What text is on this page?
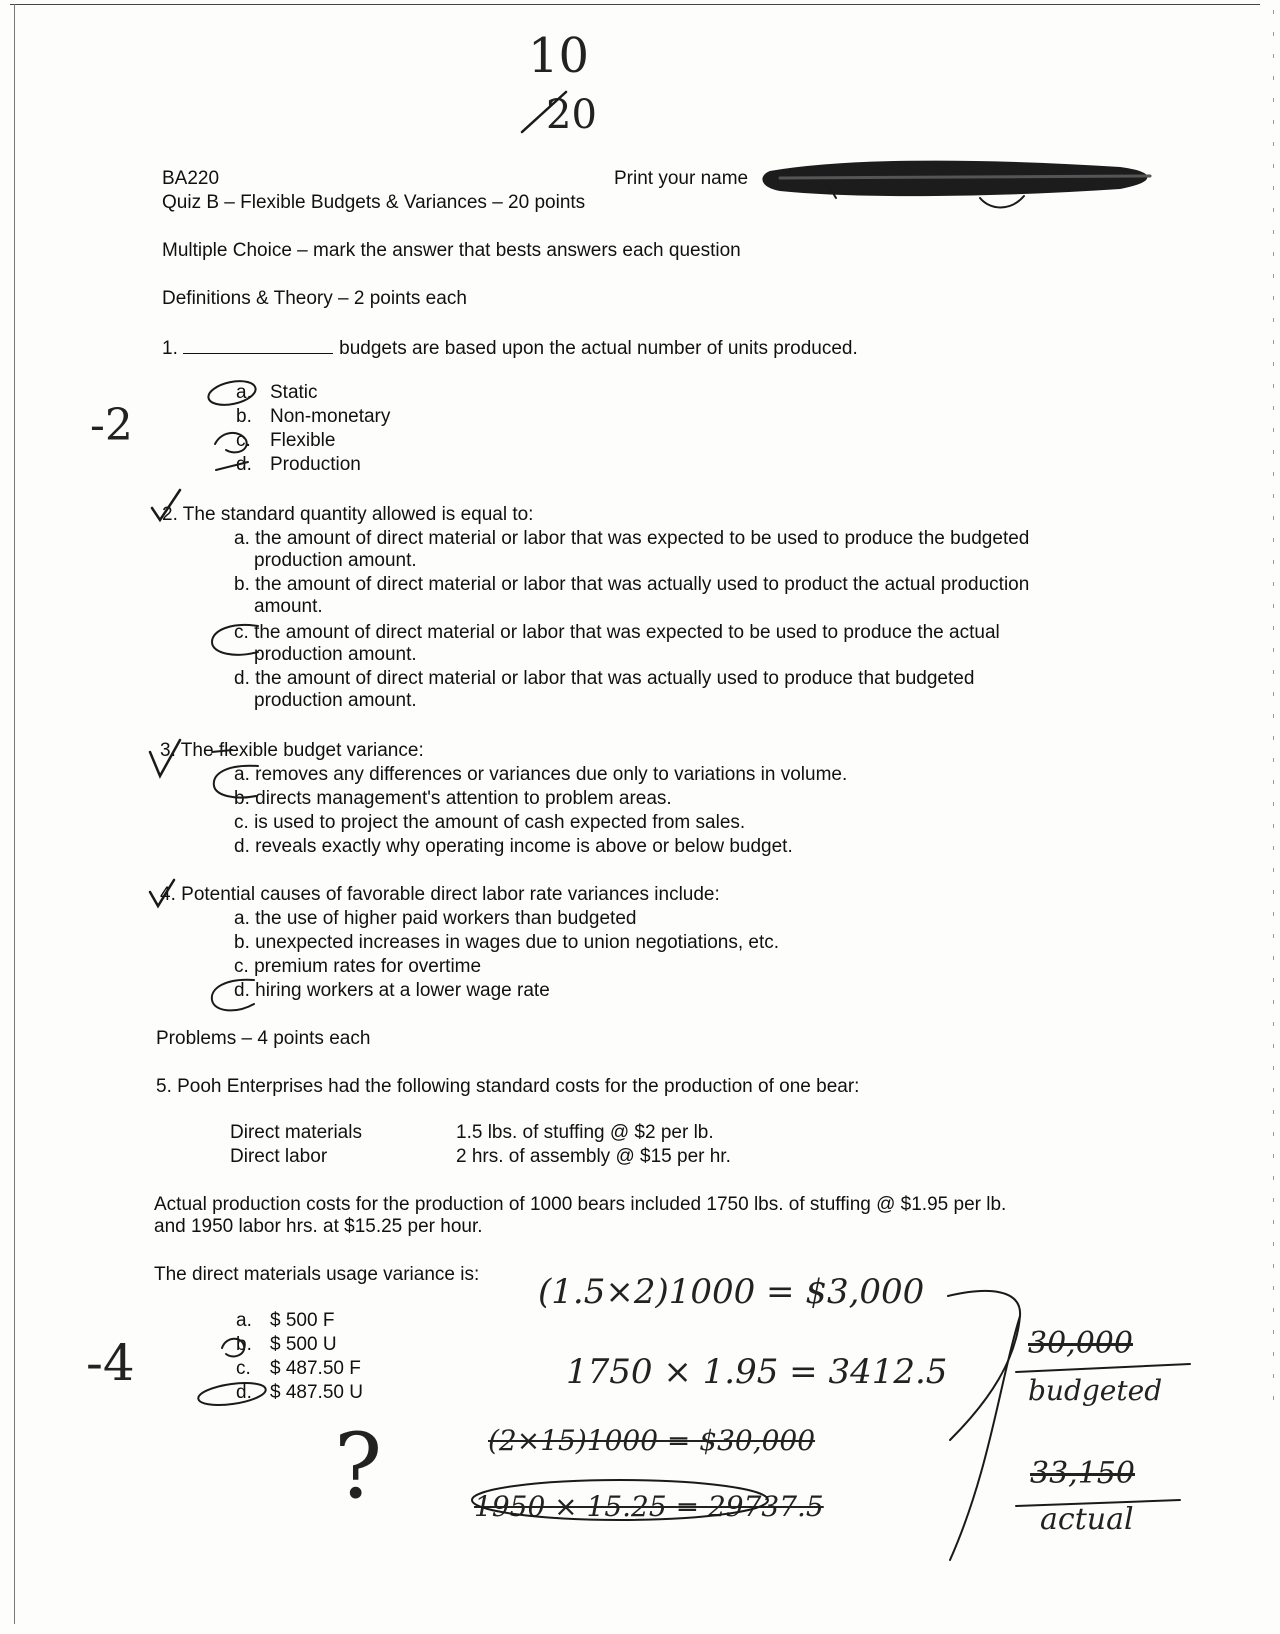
10
20
BA220	Print your name
Quiz B – Flexible Budgets & Variances – 20 points
Multiple Choice – mark the answer that bests answers each question
Definitions & Theory – 2 points each
1.	budgets are based upon the actual number of units produced.
a. Static
b. Non-monetary
c. Flexible
d. Production
-2
2. The standard quantity allowed is equal to:
a. the amount of direct material or labor that was expected to be used to produce the budgeted
production amount.
b. the amount of direct material or labor that was actually used to product the actual production
amount.
c. the amount of direct material or labor that was expected to be used to produce the actual
production amount.
d. the amount of direct material or labor that was actually used to produce that budgeted
production amount.
3. The flexible budget variance:
a. removes any differences or variances due only to variations in volume.
b. directs management's attention to problem areas.
c. is used to project the amount of cash expected from sales.
d. reveals exactly why operating income is above or below budget.
4. Potential causes of favorable direct labor rate variances include:
a. the use of higher paid workers than budgeted
b. unexpected increases in wages due to union negotiations, etc.
c. premium rates for overtime
d. hiring workers at a lower wage rate
Problems – 4 points each
5. Pooh Enterprises had the following standard costs for the production of one bear:
Direct materials	1.5 lbs. of stuffing @ $2 per lb.
Direct labor	2 hrs. of assembly @ $15 per hr.
Actual production costs for the production of 1000 bears included 1750 lbs. of stuffing @ $1.95 per lb.
and 1950 labor hrs. at $15.25 per hour.
The direct materials usage variance is:
a. $ 500 F
b. $ 500 U
c. $ 487.50 F
d. $ 487.50 U
-4
(1.5×2)1000 = $3,000
1750 × 1.95 = 3412.5
(2×15)1000 = $30,000
1950 × 15.25 = 29737.5
30,000
budgeted
33,150
actual
?
